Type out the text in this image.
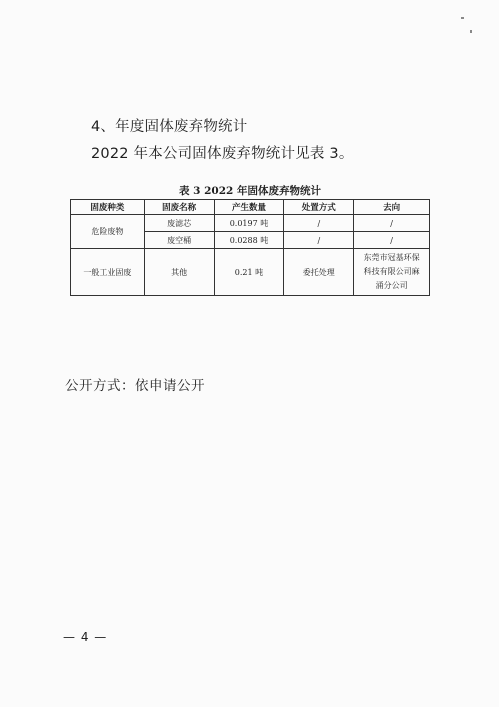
4、年度固体废弃物统计
2022 年本公司固体废弃物统计见表 3。
表 3 2022 年固体废弃物统计
固废种类	固废名称	产生数量	处置方式	去向
危险废物	废滤芯	0.0197 吨	/	/
	废空桶	0.0288 吨	/	/
一般工业固废	其他	0.21 吨	委托处理	东莞市冠基环保
科技有限公司麻
涌分公司
公开方式：依申请公开
— 4 —
